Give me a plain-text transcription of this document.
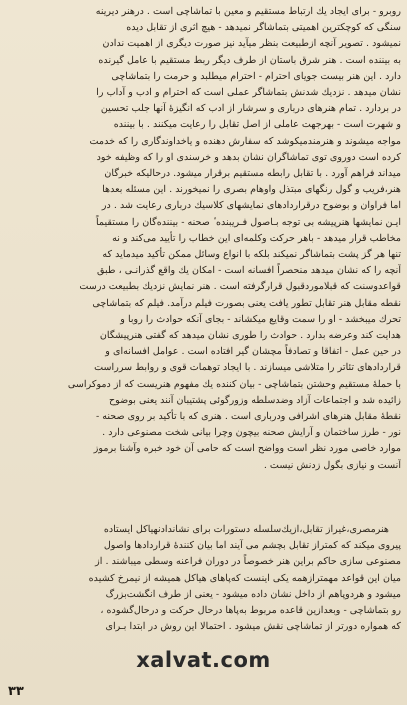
روبرو - برای ایجاد یك ارتباط مستقیم و معین با تماشاچی است . درهنر دیرینه
سنگی که کوچکترین اهمیتی بتماشاگر نمیدهد - هیچ اثری از تقابل دیده
نمیشود . تصویر آنچه ازطبیعت بنظر میآید نیز صورت دیگری از اهمیت ندادن
به بیننده است . هنر شرق باستان از طرف دیگر ربط مستقیم با عامل گیرنده
دارد . این هنر بیست جویای احترام - احترام میطلبد و حرمت را بتماشاچی
نشان میدهد . نزدیك شدنش بتماشاگر عملی است که احترام و ادب و آداب را
در بردارد . تمام هنرهای درباری و سرشار از ادب که انگیزهٔ آنها جلب تحسین
و شهرت است - بهرجهت عاملی از اصل تقابل را رعایت میکنند . با بیننده
مواجه میشوند و هنرمندمیکوشد که سفارش دهنده و یاخداوندگاری را که خدمت
کرده است دوروی توی تماشاگران نشان بدهد و خرسندی او را که وظیفه خود
میداند فراهم آورد . با تقابل رابطه مستقیم برقرار میشود. درحالیکه خبرگان
هنر،فریب و گول رنگهای مبتذل واوهام بصری را نمیخورند . این مسئله بعدها
اما فراوان و بوضوح درقراردادهای نمایشهای کلاسیك درباری رعایت شد . در
ایـن نمایشها هنرپیشه بی توجه بـاصول فـریبنده ٔ صحنه - بیننده‌گان را مستقیماً
مخاطب قرار میدهد - باهر حرکت وکلمه‌ای این خطاب را تأیید می‌کند و نه
تنها هر گز پشت بتماشاگر نمیکند بلکه با انواع وسائل ممکن تأکید میدماید که
آنچه را که نشان میدهد منحصراً افسانه است - امکان یك واقع گذرانـی ، طبق
قواعدوسنت که قبلاموردقبول قرارگرفته است . هنر نمایش نزدیك بطبیعت درست
نقطه مقابل هنر تقابل تطور یافت یعنی بصورت فیلم درآمد. فیلم که بتماشاچی
تحرك میبخشد - او را سمت وقایع میکشاند - بجای آنکه حوادث را روبا و
هدایت کند وعرضه بدارد . حوادث را طوری نشان میدهد که گفتی هنرپیشگان
در حین عمل - اتفاقا و تصادفاً مچشان گیر افتاده است . عوامل افسانه‌ای و
قراردادهای تئاتر را متلاشی میسازند . با ایجاد توهمات قوی و روابط سرراست
با حملهٔ مستقیم وحشتن بتماشاچی - بیان کننده یك مفهوم هنریست که از دموکراسی
زائیده شد و اجتماعات آزاد وضدسلطه وزورگوئی پشتیبان آنند یعنی بوضوح
نقطهٔ مقابل هنرهای اشرافی ودرباری است . هنری که با تأکید بر روی صحنه -
نور - طرز ساختمان و آرایش صحنه بیچون وچرا بیانی شخت مصنوعی دارد .
موارد خاصی مورد نظر است وواضح است که حامی آن خود خبره وآشنا برموز
آنست و نیازی بگول زدنش نیست .
هنرمصری،غیراز تقابل،ازیك‌سلسله دستورات برای نشاندادنهیاكل ایستاده
پیروی میکند که کمتراز تقابل بچشم می آیند اما بیان کنندهٔ قراردادها واصول
مصنوعی سازی حاکم براین هنر خصوصاً در دوران فراعنه وسطی میباشند . از
میان این قواعد مهمترازهمه یکی اینست که‌پاهای هیاکل همیشه از نیمرخ کشیده
میشود و هردوپاهم از داخل نشان داده میشود - یعنی از طرف انگشت‌بزرگ
رو بتماشاچی - وبعدازین قاعده مربوط به‌پاها درحال حرکت و درحال‌گشوده ،
که همواره دورتر از تماشاچی نقش میشود . احتمالا این روش در ابتدا بـرای
xalvat.com
۳۳
